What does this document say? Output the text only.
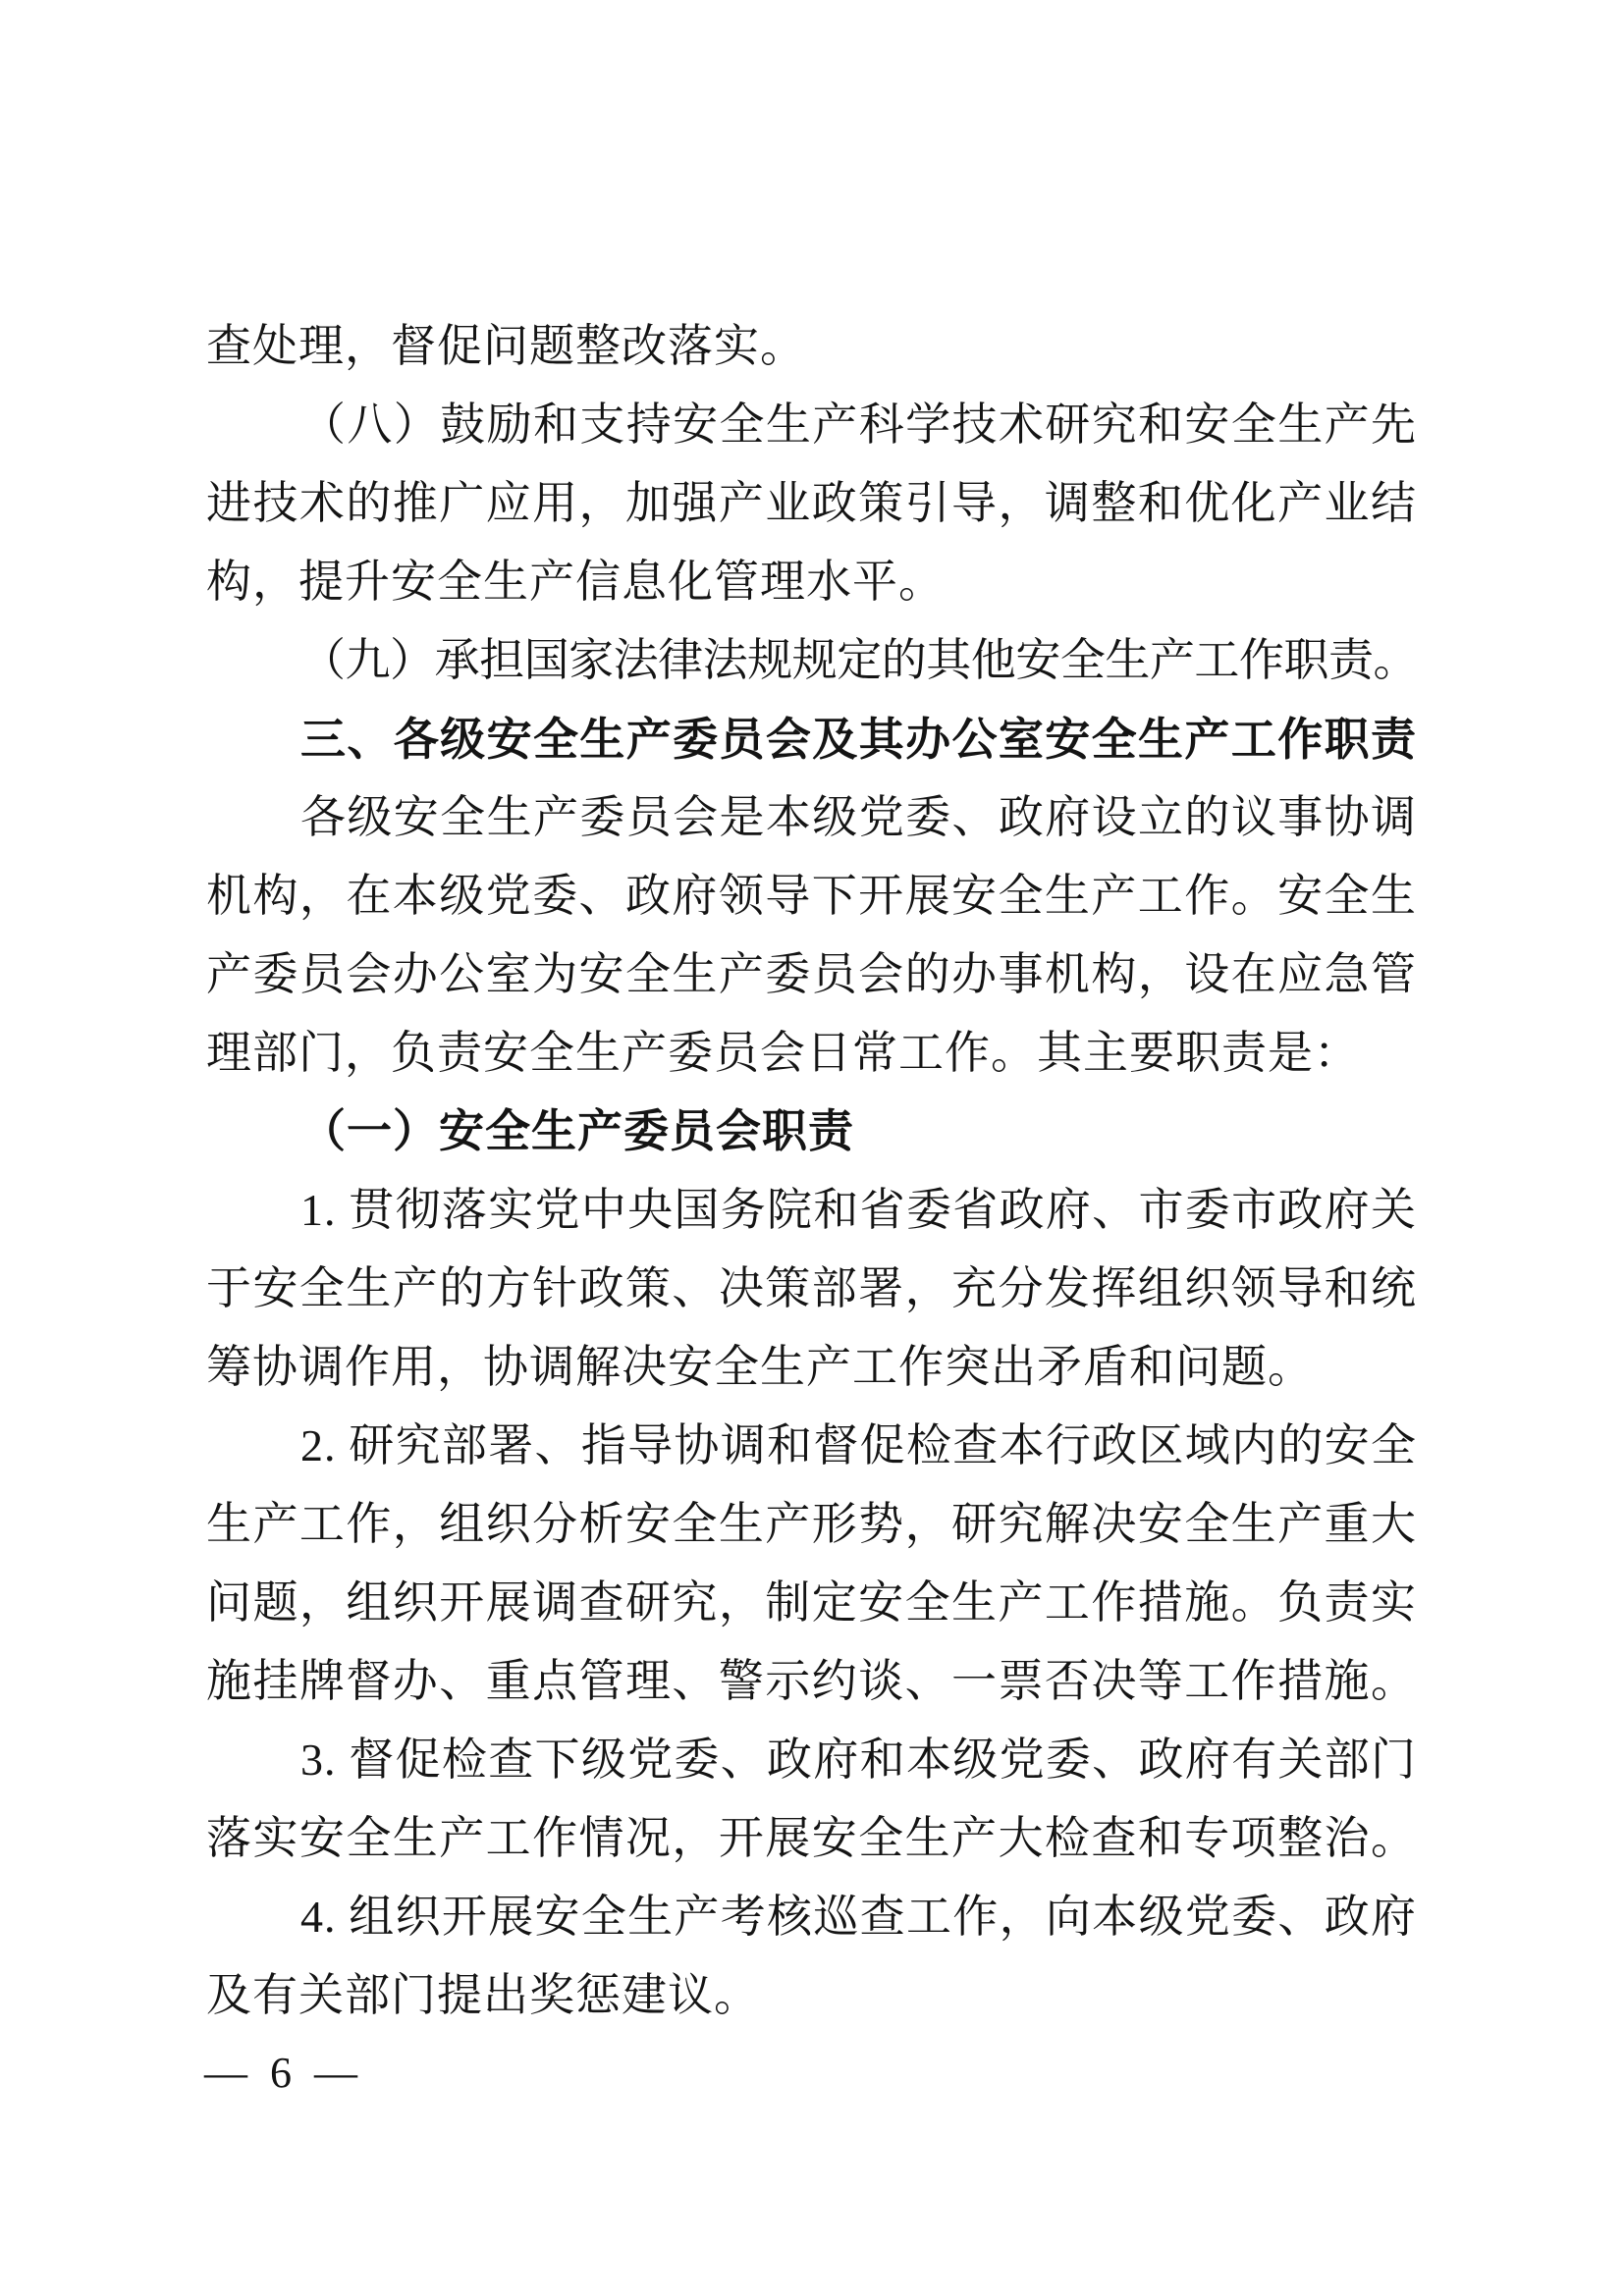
查处理，督促问题整改落实。
（八）鼓励和支持安全生产科学技术研究和安全生产先
进技术的推广应用，加强产业政策引导，调整和优化产业结
构，提升安全生产信息化管理水平。
（九）承担国家法律法规规定的其他安全生产工作职责。
三、各级安全生产委员会及其办公室安全生产工作职责
各级安全生产委员会是本级党委、政府设立的议事协调
机构，在本级党委、政府领导下开展安全生产工作。安全生
产委员会办公室为安全生产委员会的办事机构，设在应急管
理部门，负责安全生产委员会日常工作。其主要职责是：
（一）安全生产委员会职责
1. 贯彻落实党中央国务院和省委省政府、市委市政府关
于安全生产的方针政策、决策部署，充分发挥组织领导和统
筹协调作用，协调解决安全生产工作突出矛盾和问题。
2. 研究部署、指导协调和督促检查本行政区域内的安全
生产工作，组织分析安全生产形势，研究解决安全生产重大
问题，组织开展调查研究，制定安全生产工作措施。负责实
施挂牌督办、重点管理、警示约谈、一票否决等工作措施。
3. 督促检查下级党委、政府和本级党委、政府有关部门
落实安全生产工作情况，开展安全生产大检查和专项整治。
4. 组织开展安全生产考核巡查工作，向本级党委、政府
及有关部门提出奖惩建议。
— 6 —
